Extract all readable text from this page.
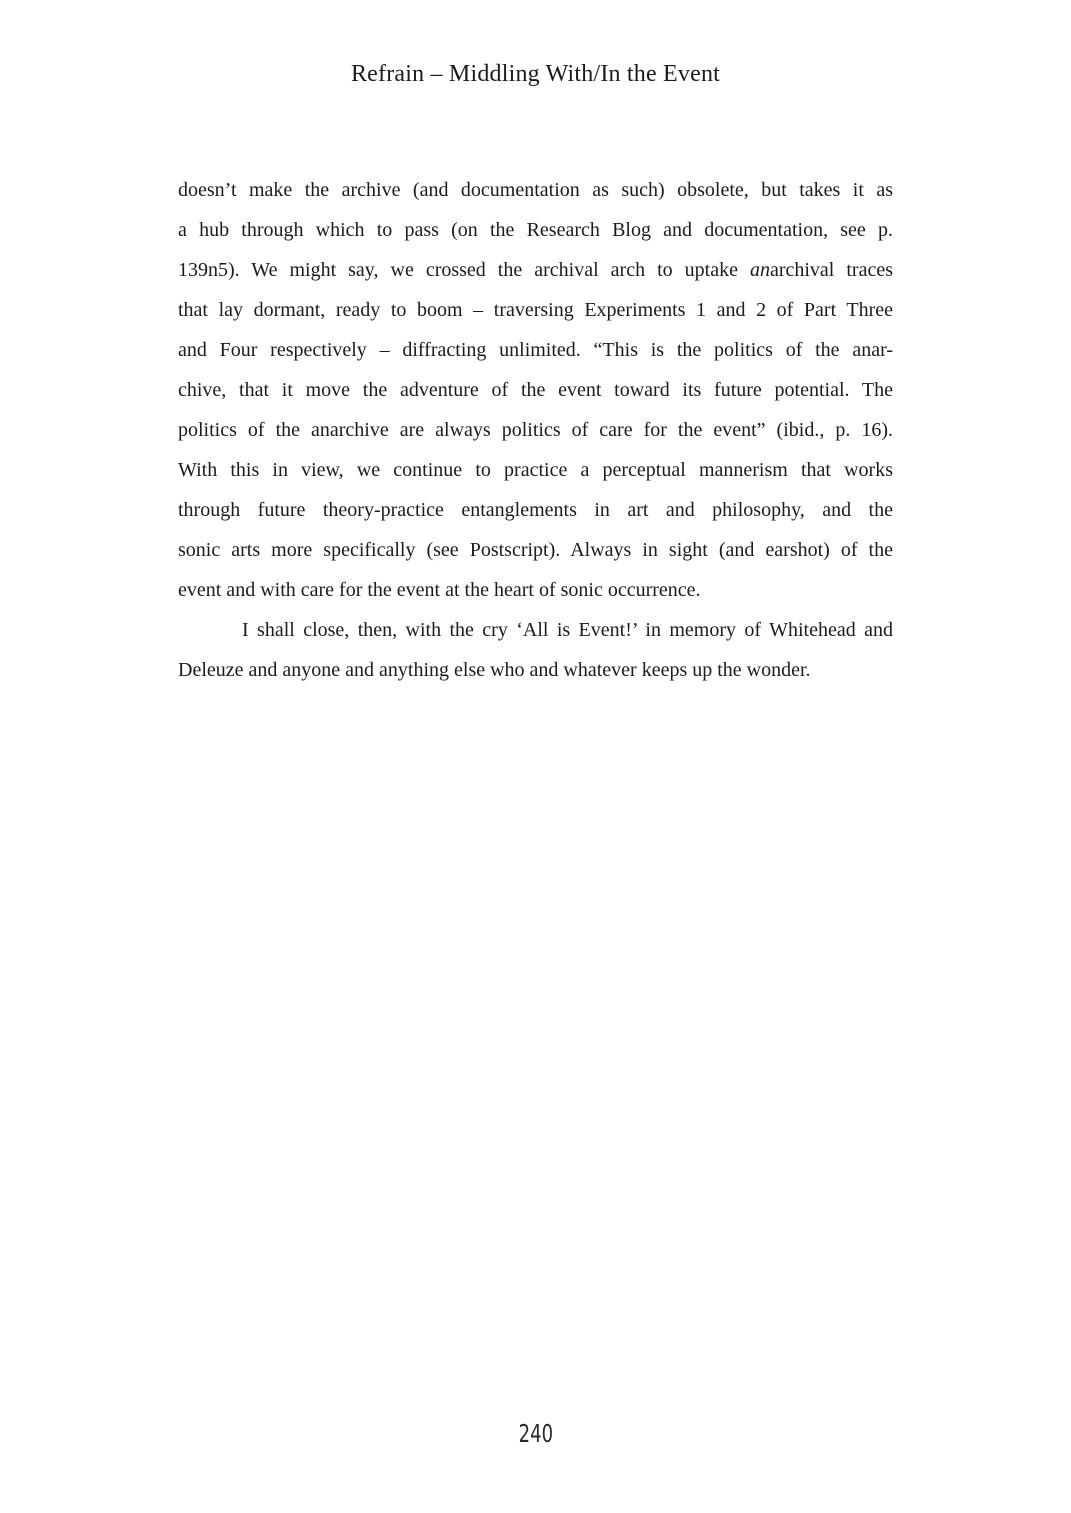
Refrain – Middling With/In the Event
doesn’t make the archive (and documentation as such) obsolete, but takes it as
a hub through which to pass (on the Research Blog and documentation, see p.
139n5). We might say, we crossed the archival arch to uptake anarchival traces
that lay dormant, ready to boom – traversing Experiments 1 and 2 of Part Three
and Four respectively – diffracting unlimited. “This is the politics of the anar-
chive, that it move the adventure of the event toward its future potential. The
politics of the anarchive are always politics of care for the event” (ibid., p. 16).
With this in view, we continue to practice a perceptual mannerism that works
through future theory-practice entanglements in art and philosophy, and the
sonic arts more specifically (see Postscript). Always in sight (and earshot) of the
event and with care for the event at the heart of sonic occurrence.
I shall close, then, with the cry ‘All is Event!’ in memory of Whitehead and
Deleuze and anyone and anything else who and whatever keeps up the wonder.
240
